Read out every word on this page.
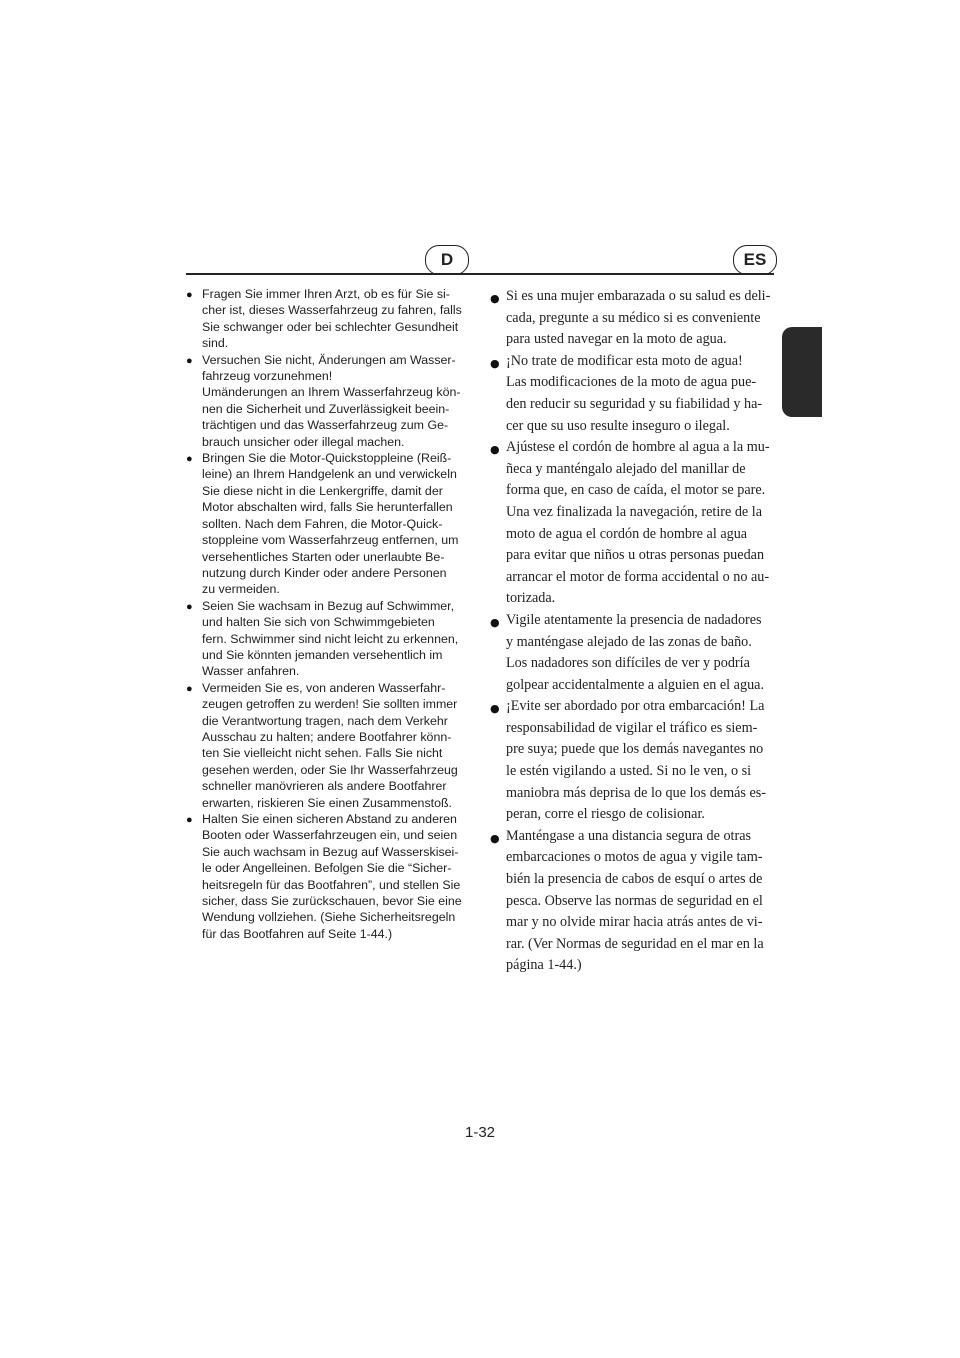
D	ES
● Fragen Sie immer Ihren Arzt, ob es für Sie si-
cher ist, dieses Wasserfahrzeug zu fahren, falls
Sie schwanger oder bei schlechter Gesundheit
sind.

● Versuchen Sie nicht, Änderungen am Wasser-
fahrzeug vorzunehmen!
Umänderungen an Ihrem Wasserfahrzeug kön-
nen die Sicherheit und Zuverlässigkeit beein-
trächtigen und das Wasserfahrzeug zum Ge-
brauch unsicher oder illegal machen.

● Bringen Sie die Motor-Quickstoppleine (Reiß-
leine) an Ihrem Handgelenk an und verwickeln
Sie diese nicht in die Lenkergriffe, damit der
Motor abschalten wird, falls Sie herunterfallen
sollten. Nach dem Fahren, die Motor-Quick-
stoppleine vom Wasserfahrzeug entfernen, um
versehentliches Starten oder unerlaubte Be-
nutzung durch Kinder oder andere Personen
zu vermeiden.

● Seien Sie wachsam in Bezug auf Schwimmer,
und halten Sie sich von Schwimmgebieten
fern. Schwimmer sind nicht leicht zu erkennen,
und Sie könnten jemanden versehentlich im
Wasser anfahren.

● Vermeiden Sie es, von anderen Wasserfahr-
zeugen getroffen zu werden! Sie sollten immer
die Verantwortung tragen, nach dem Verkehr
Ausschau zu halten; andere Bootfahrer könn-
ten Sie vielleicht nicht sehen. Falls Sie nicht
gesehen werden, oder Sie Ihr Wasserfahrzeug
schneller manövrieren als andere Bootfahrer
erwarten, riskieren Sie einen Zusammenstoß.

● Halten Sie einen sicheren Abstand zu anderen
Booten oder Wasserfahrzeugen ein, und seien
Sie auch wachsam in Bezug auf Wasserskisei-
le oder Angelleinen. Befolgen Sie die “Sicher-
heitsregeln für das Bootfahren”, und stellen Sie
sicher, dass Sie zurückschauen, bevor Sie eine
Wendung vollziehen. (Siehe Sicherheitsregeln
für das Bootfahren auf Seite 1-44.)

● Si es una mujer embarazada o su salud es deli-
cada, pregunte a su médico si es conveniente
para usted navegar en la moto de agua.

● ¡No trate de modificar esta moto de agua!
Las modificaciones de la moto de agua pue-
den reducir su seguridad y su fiabilidad y ha-
cer que su uso resulte inseguro o ilegal.

● Ajústese el cordón de hombre al agua a la mu-
ñeca y manténgalo alejado del manillar de
forma que, en caso de caída, el motor se pare.
Una vez finalizada la navegación, retire de la
moto de agua el cordón de hombre al agua
para evitar que niños u otras personas puedan
arrancar el motor de forma accidental o no au-
torizada.

● Vigile atentamente la presencia de nadadores
y manténgase alejado de las zonas de baño.
Los nadadores son difíciles de ver y podría
golpear accidentalmente a alguien en el agua.

● ¡Evite ser abordado por otra embarcación! La
responsabilidad de vigilar el tráfico es siem-
pre suya; puede que los demás navegantes no
le estén vigilando a usted. Si no le ven, o si
maniobra más deprisa de lo que los demás es-
peran, corre el riesgo de colisionar.

● Manténgase a una distancia segura de otras
embarcaciones o motos de agua y vigile tam-
bién la presencia de cabos de esquí o artes de
pesca. Observe las normas de seguridad en el
mar y no olvide mirar hacia atrás antes de vi-
rar. (Ver Normas de seguridad en el mar en la
página 1-44.)

1-32
